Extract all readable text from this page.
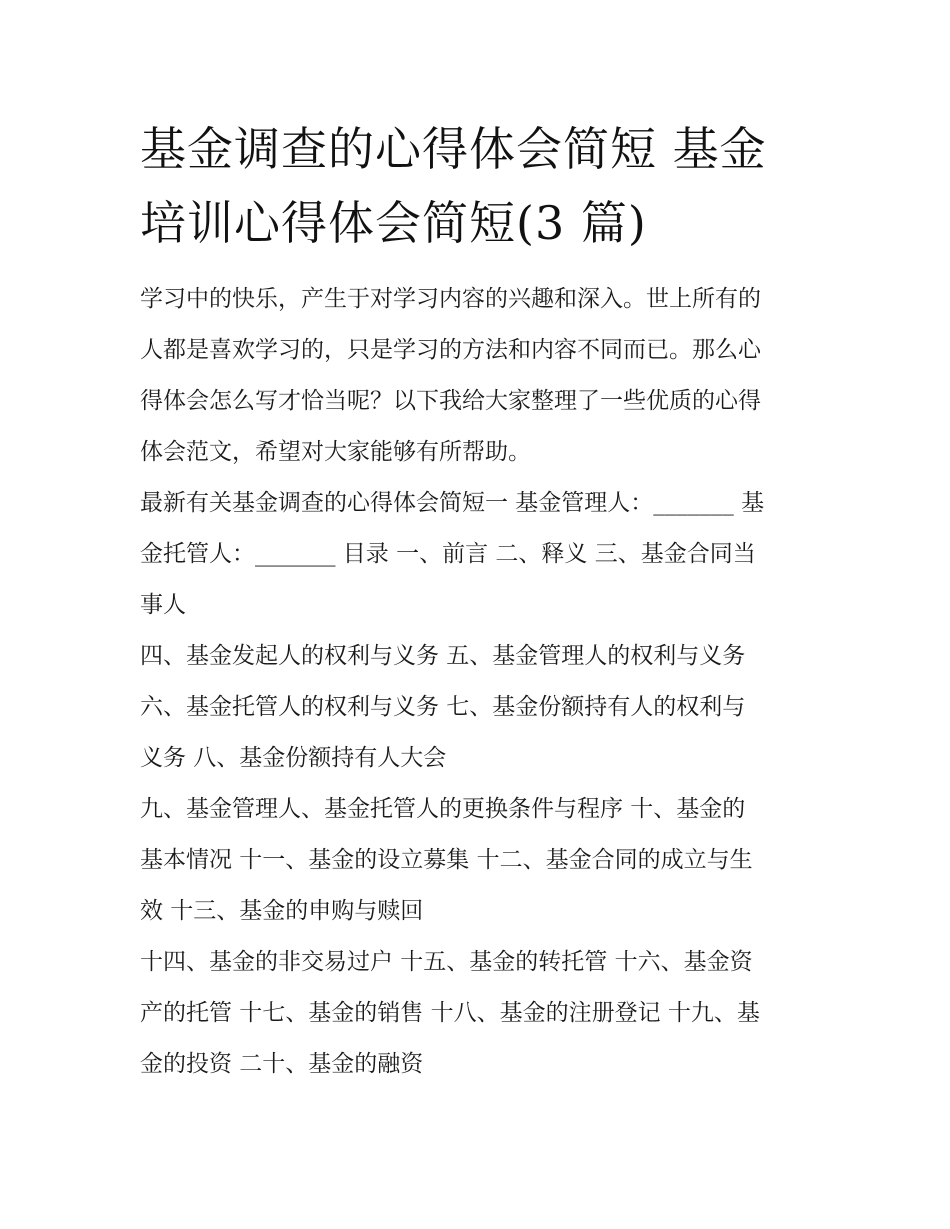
基金调查的心得体会简短 基金
培训心得体会简短(3 篇)

学习中的快乐，产生于对学习内容的兴趣和深入。世上所有的
人都是喜欢学习的，只是学习的方法和内容不同而已。那么心
得体会怎么写才恰当呢？以下我给大家整理了一些优质的心得
体会范文，希望对大家能够有所帮助。

最新有关基金调查的心得体会简短一 基金管理人：_______ 基
金托管人：_______ 目录 一、前言 二、释义 三、基金合同当
事人

四、基金发起人的权利与义务 五、基金管理人的权利与义务
六、基金托管人的权利与义务 七、基金份额持有人的权利与
义务 八、基金份额持有人大会

九、基金管理人、基金托管人的更换条件与程序 十、基金的
基本情况 十一、基金的设立募集 十二、基金合同的成立与生
效 十三、基金的申购与赎回

十四、基金的非交易过户 十五、基金的转托管 十六、基金资
产的托管 十七、基金的销售 十八、基金的注册登记 十九、基
金的投资 二十、基金的融资
